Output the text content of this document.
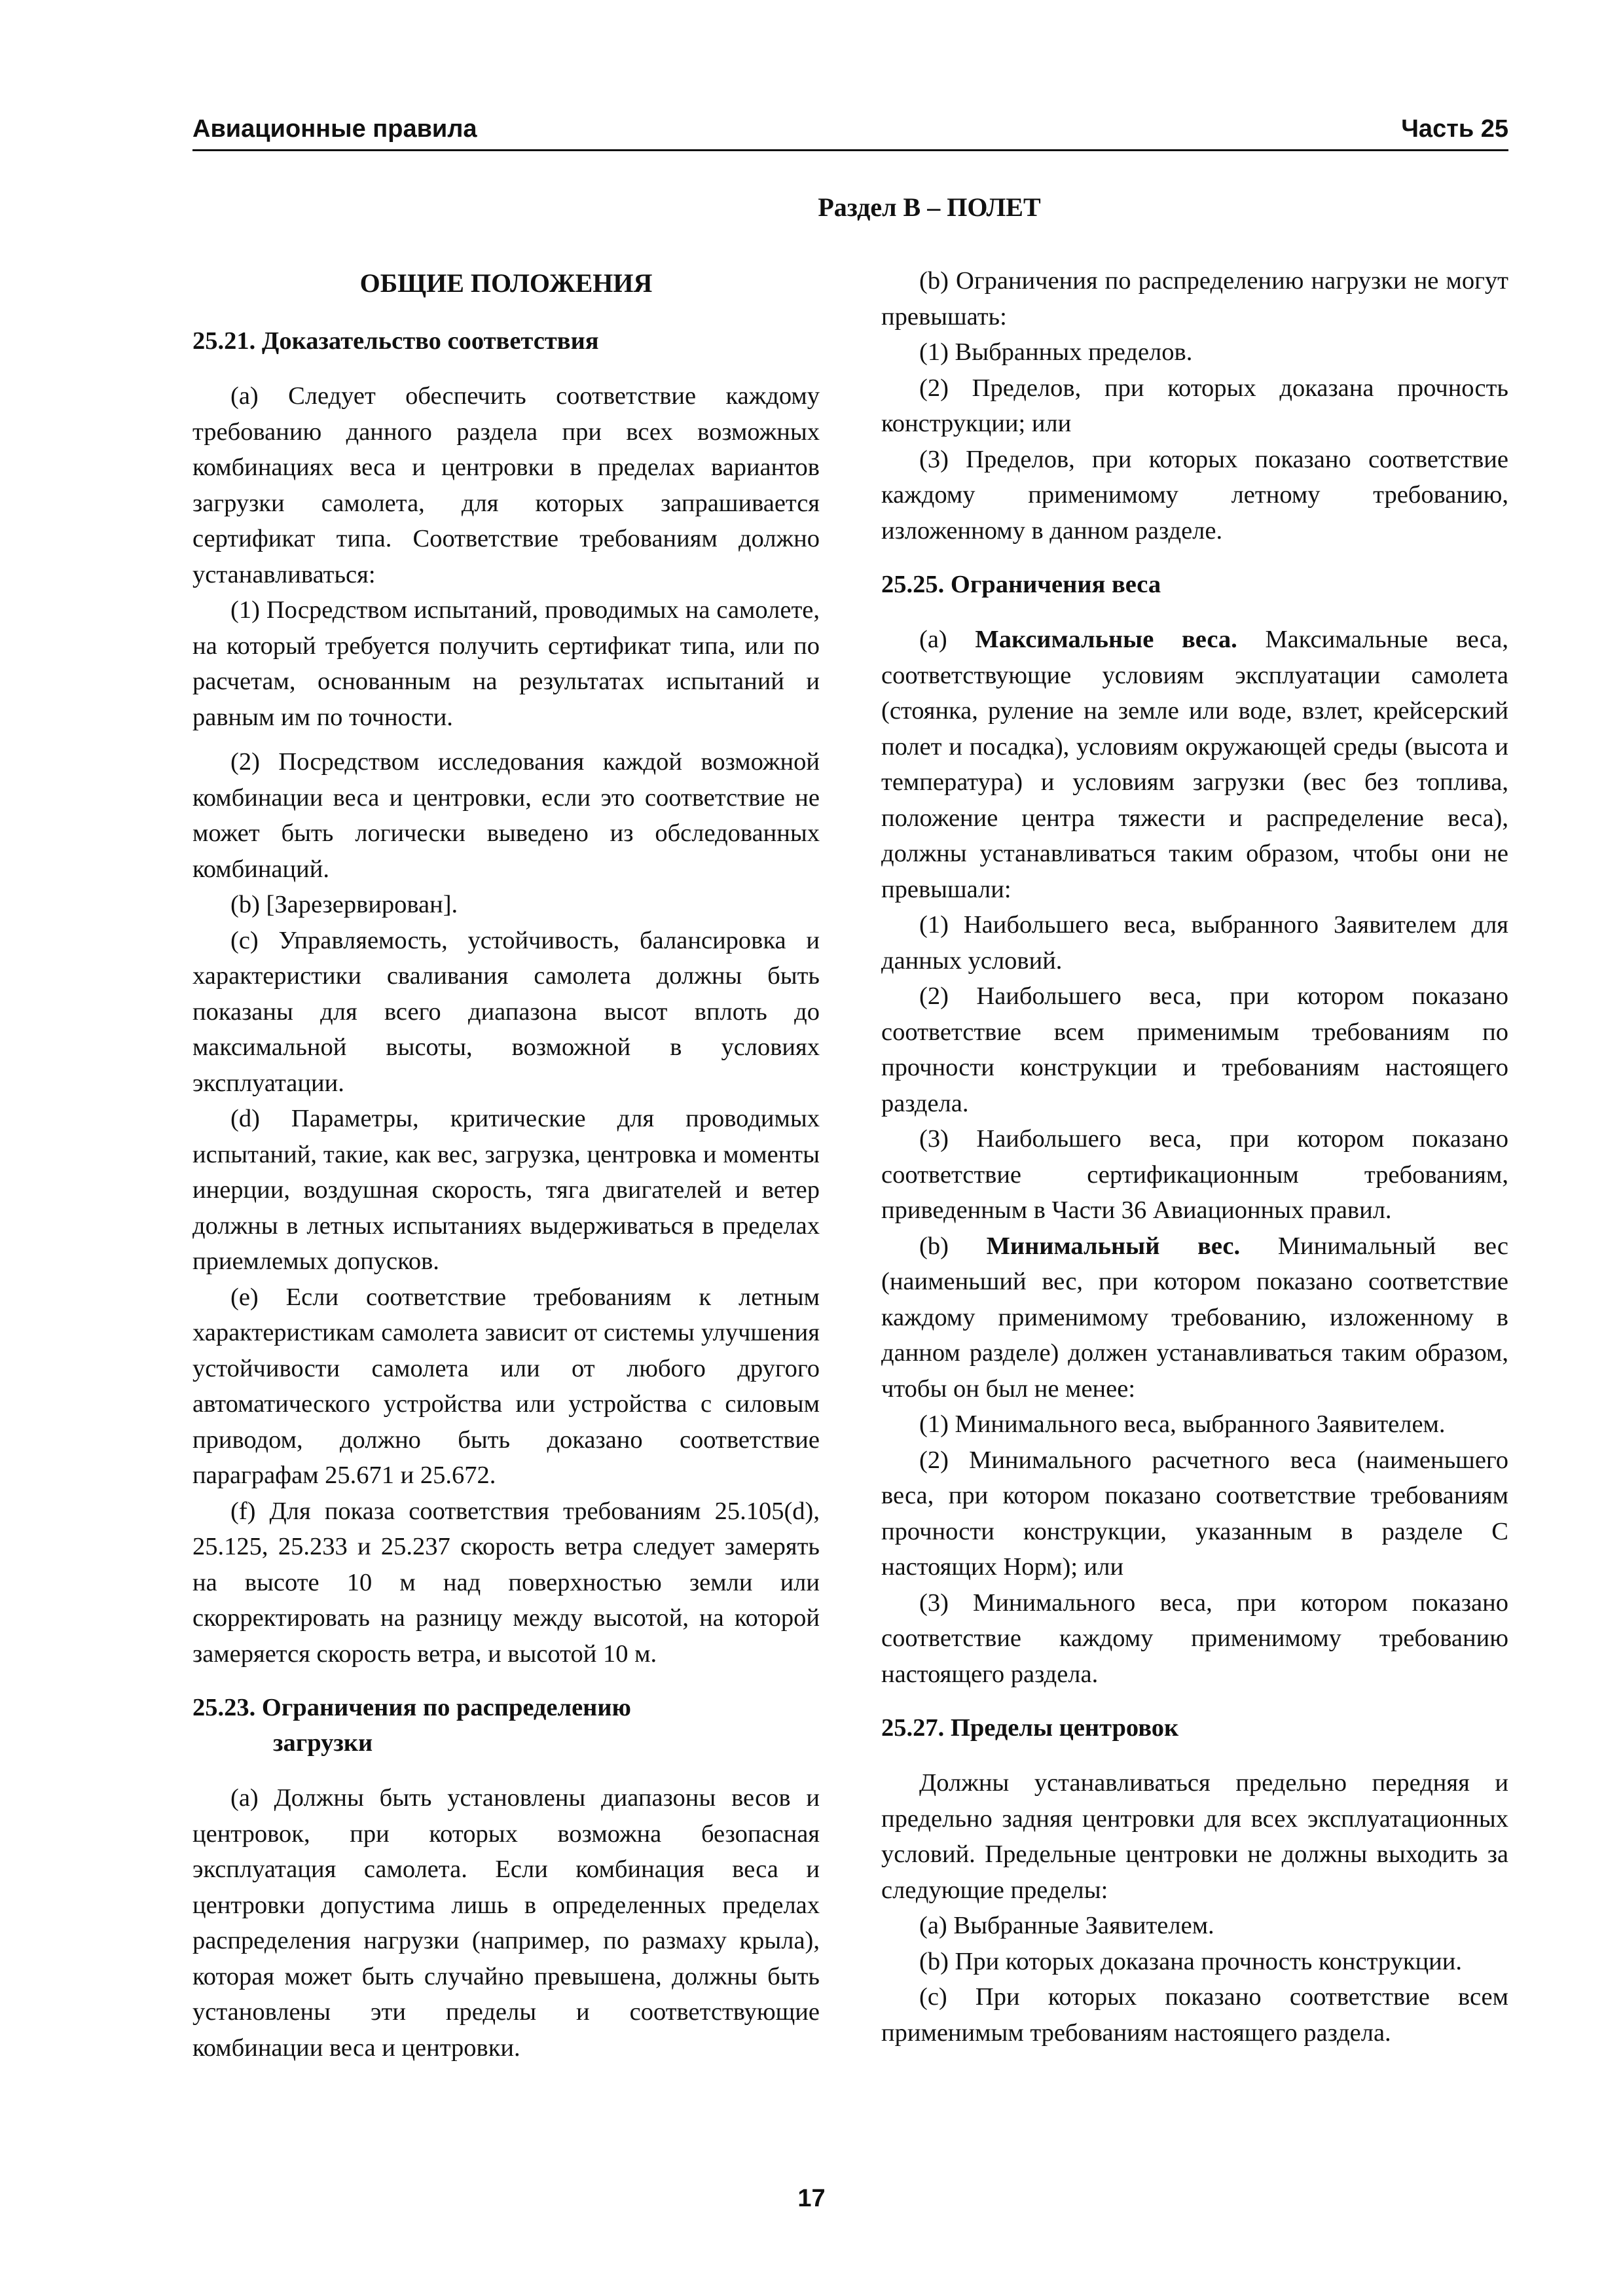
Авиационные правила	Часть 25
Раздел B – ПОЛЕТ
ОБЩИЕ ПОЛОЖЕНИЯ
25.21. Доказательство соответствия

(a) Следует обеспечить соответствие каждому требованию данного раздела при всех возможных комбинациях веса и центровки в пределах вариантов загрузки самолета, для которых запрашивается сертификат типа. Соответствие требованиям должно устанавливаться:

(1) Посредством испытаний, проводимых на самолете, на который требуется получить сертификат типа, или по расчетам, основанным на результатах испытаний и равным им по точности.

(2) Посредством исследования каждой возможной комбинации веса и центровки, если это соответствие не может быть логически выведено из обследованных комбинаций.

(b) [Зарезервирован].

(c) Управляемость, устойчивость, балансировка и характеристики сваливания самолета должны быть показаны для всего диапазона высот вплоть до максимальной высоты, возможной в условиях эксплуатации.

(d) Параметры, критические для проводимых испытаний, такие, как вес, загрузка, центровка и моменты инерции, воздушная скорость, тяга двигателей и ветер должны в летных испытаниях выдерживаться в пределах приемлемых допусков.

(e) Если соответствие требованиям к летным характеристикам самолета зависит от системы улучшения устойчивости самолета или от любого другого автоматического устройства или устройства с силовым приводом, должно быть доказано соответствие параграфам 25.671 и 25.672.

(f) Для показа соответствия требованиям 25.105(d), 25.125, 25.233 и 25.237 скорость ветра следует замерять на высоте 10 м над поверхностью земли или скорректировать на разницу между высотой, на которой замеряется скорость ветра, и высотой 10 м.

25.23. Ограничения по распределению
загрузки

(a) Должны быть установлены диапазоны весов и центровок, при которых возможна безопасная эксплуатация самолета. Если комбинация веса и центровки допустима лишь в определенных пределах распределения нагрузки (например, по размаху крыла), которая может быть случайно превышена, должны быть установлены эти пределы и соответствующие комбинации веса и центровки.

(b) Ограничения по распределению нагрузки не могут превышать:

(1) Выбранных пределов.

(2) Пределов, при которых доказана прочность конструкции; или

(3) Пределов, при которых показано соответствие каждому применимому летному требованию, изложенному в данном разделе.

25.25. Ограничения веса

(a) Максимальные веса. Максимальные веса, соответствующие условиям эксплуатации самолета (стоянка, руление на земле или воде, взлет, крейсерский полет и посадка), условиям окружающей среды (высота и температура) и условиям загрузки (вес без топлива, положение центра тяжести и распределение веса), должны устанавливаться таким образом, чтобы они не превышали:

(1) Наибольшего веса, выбранного Заявителем для данных условий.

(2) Наибольшего веса, при котором показано соответствие всем применимым требованиям по прочности конструкции и требованиям настоящего раздела.

(3) Наибольшего веса, при котором показано соответствие сертификационным требованиям, приведенным в Части 36 Авиационных правил.

(b) Минимальный вес. Минимальный вес (наименьший вес, при котором показано соответствие каждому применимому требованию, изложенному в данном разделе) должен устанавливаться таким образом, чтобы он был не менее:

(1) Минимального веса, выбранного Заявителем.

(2) Минимального расчетного веса (наименьшего веса, при котором показано соответствие требованиям прочности конструкции, указанным в разделе C настоящих Норм); или

(3) Минимального веса, при котором показано соответствие каждому применимому требованию настоящего раздела.

25.27. Пределы центровок

Должны устанавливаться предельно передняя и предельно задняя центровки для всех эксплуатационных условий. Предельные центровки не должны выходить за следующие пределы:

(a) Выбранные Заявителем.

(b) При которых доказана прочность конструкции.

(c) При которых показано соответствие всем применимым требованиям настоящего раздела.

17
